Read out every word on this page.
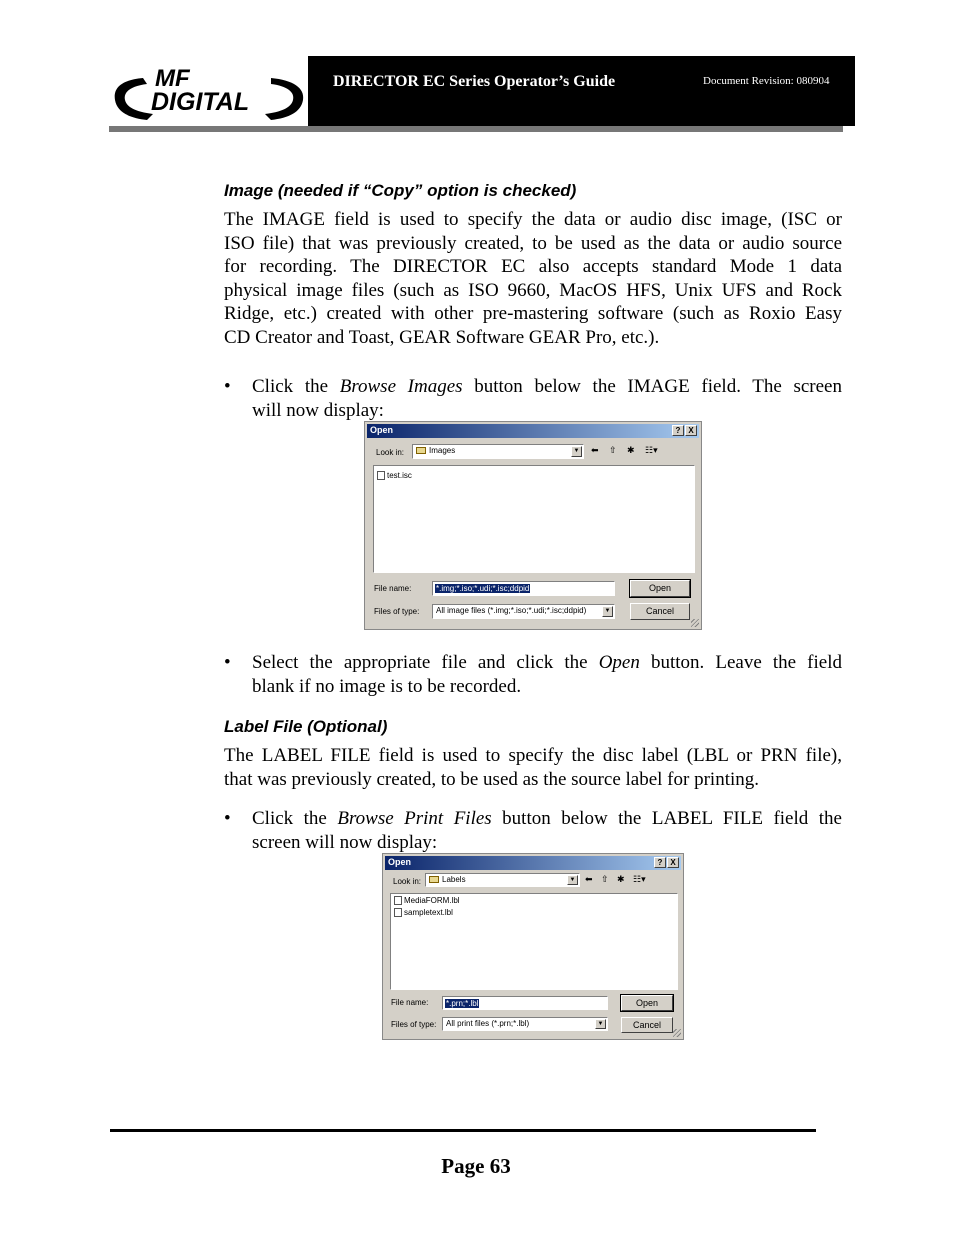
MF
DIGITAL
DIRECTOR EC Series Operator’s Guide	Document Revision: 080904
Image (needed if “Copy” option is checked)
The IMAGE field is used to specify the data or audio disc image, (ISC or
ISO file) that was previously created, to be used as the data or audio source
for recording. The DIRECTOR EC also accepts standard Mode 1 data
physical image files (such as ISO 9660, MacOS HFS, Unix UFS and Rock
Ridge, etc.) created with other pre-mastering software (such as Roxio Easy
CD Creator and Toast, GEAR Software GEAR Pro, etc.).
• Click the Browse Images button below the IMAGE field. The screen
will now display:
Open	? X
Look in:	Images	▼ ⬅ ⇧ ✱ ☷▾
test.isc
File name:	*.img;*.iso;*.udi;*.isc;ddpid
Files of type: All image files (*.img;*.iso;*.udi;*.isc;ddpid)	▼
Open
Cancel
• Select the appropriate file and click the Open button. Leave the field
blank if no image is to be recorded.
Label File (Optional)
The LABEL FILE field is used to specify the disc label (LBL or PRN file),
that was previously created, to be used as the source label for printing.
• Click the Browse Print Files button below the LABEL FILE field the
screen will now display:
Open	? X
Look in:	Labels	▼ ⬅ ⇧ ✱ ☷▾
MediaFORM.lbl
sampletext.lbl
File name: *.prn;*.lbl
Files of type: All print files (*.prn;*.lbl)	▼
Open
Cancel
Page 63
